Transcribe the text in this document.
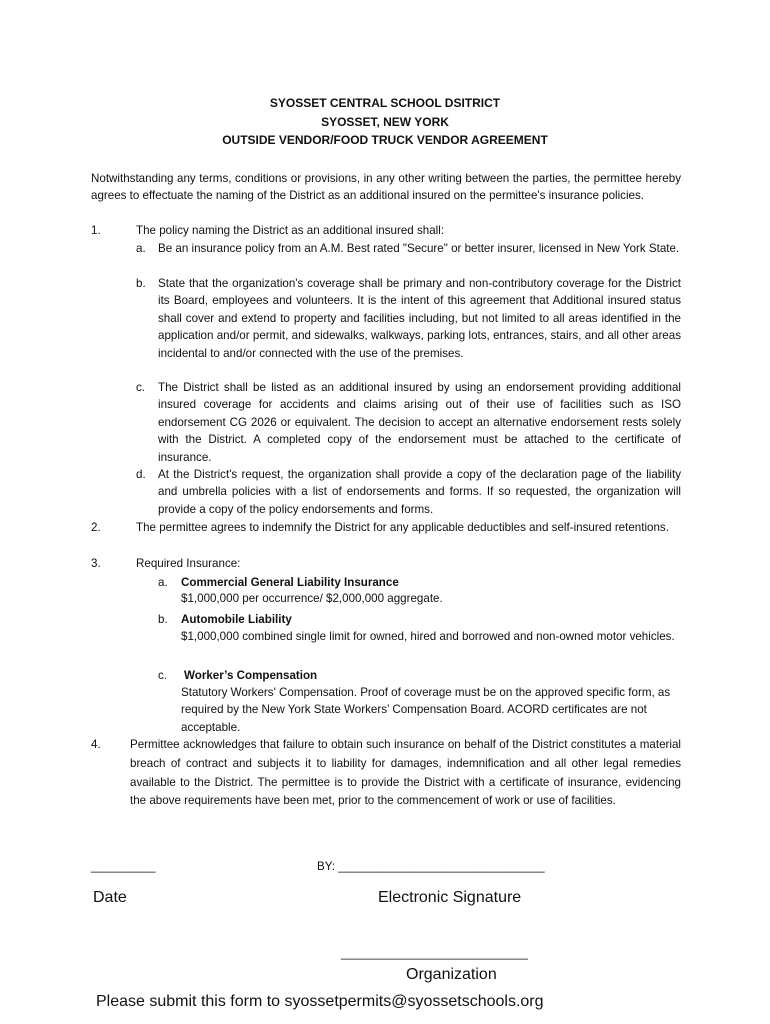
SYOSSET CENTRAL SCHOOL DSITRICT
SYOSSET, NEW YORK
OUTSIDE VENDOR/FOOD TRUCK VENDOR AGREEMENT
Notwithstanding any terms, conditions or provisions, in any other writing between the parties, the permittee hereby agrees to effectuate the naming of the District as an additional insured on the permittee's insurance policies.
1.	The policy naming the District as an additional insured shall:
a. Be an insurance policy from an A.M. Best rated "Secure" or better insurer, licensed in New York State.
b. State that the organization's coverage shall be primary and non-contributory coverage for the District its Board, employees and volunteers. It is the intent of this agreement that Additional insured status shall cover and extend to property and facilities including, but not limited to all areas identified in the application and/or permit, and sidewalks, walkways, parking lots, entrances, stairs, and all other areas incidental to and/or connected with the use of the premises.
c. The District shall be listed as an additional insured by using an endorsement providing additional insured coverage for accidents and claims arising out of their use of facilities such as ISO endorsement CG 2026 or equivalent. The decision to accept an alternative endorsement rests solely with the District. A completed copy of the endorsement must be attached to the certificate of insurance.
d. At the District's request, the organization shall provide a copy of the declaration page of the liability and umbrella policies with a list of endorsements and forms. If so requested, the organization will provide a copy of the policy endorsements and forms.
2.	The permittee agrees to indemnify the District for any applicable deductibles and self-insured retentions.
3.	Required Insurance:
a. Commercial General Liability Insurance
$1,000,000 per occurrence/ $2,000,000 aggregate.
b. Automobile Liability
$1,000,000 combined single limit for owned, hired and borrowed and non-owned motor vehicles.
c. Worker’s Compensation
Statutory Workers' Compensation. Proof of coverage must be on the approved specific form, as required by the New York State Workers’ Compensation Board. ACORD certificates are not acceptable.
4.	Permittee acknowledges that failure to obtain such insurance on behalf of the District constitutes a material breach of contract and subjects it to liability for damages, indemnification and all other legal remedies available to the District. The permittee is to provide the District with a certificate of insurance, evidencing the above requirements have been met, prior to the commencement of work or use of facilities.
__________	BY: ________________________________
Date	Electronic Signature
_____________________________
Organization
Please submit this form to syossetpermits@syossetschools.org
